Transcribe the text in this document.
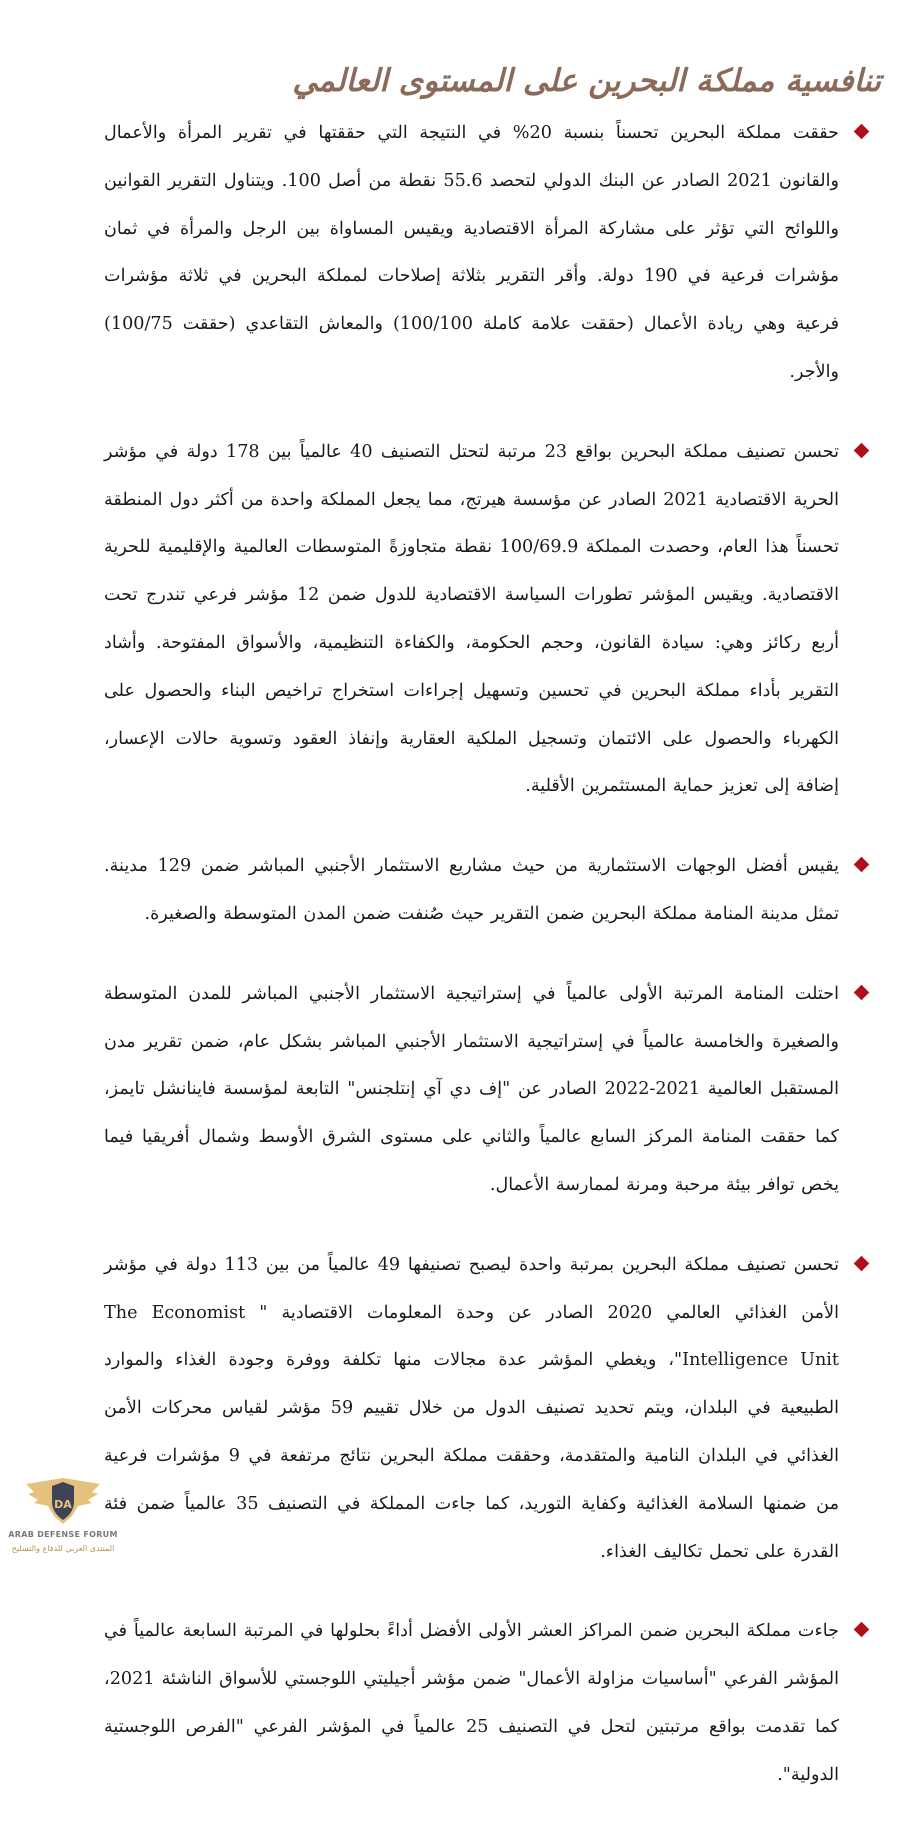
تنافسية مملكة البحرين على المستوى العالمي
حققت مملكة البحرين تحسناً بنسبة 20% في النتيجة التي حققتها في تقرير المرأة والأعمال والقانون 2021 الصادر عن البنك الدولي لتحصد 55.6 نقطة من أصل 100. ويتناول التقرير القوانين واللوائح التي تؤثر على مشاركة المرأة الاقتصادية ويقيس المساواة بين الرجل والمرأة في ثمان مؤشرات فرعية في 190 دولة. وأقر التقرير بثلاثة إصلاحات لمملكة البحرين في ثلاثة مؤشرات فرعية وهي ريادة الأعمال (حققت علامة كاملة 100/100) والمعاش التقاعدي (حققت 100/75) والأجر.
تحسن تصنيف مملكة البحرين بواقع 23 مرتبة لتحتل التصنيف 40 عالمياً بين 178 دولة في مؤشر الحرية الاقتصادية 2021 الصادر عن مؤسسة هيرتج، مما يجعل المملكة واحدة من أكثر دول المنطقة تحسناً هذا العام، وحصدت المملكة 100/69.9 نقطة متجاوزةً المتوسطات العالمية والإقليمية للحرية الاقتصادية. ويقيس المؤشر تطورات السياسة الاقتصادية للدول ضمن 12 مؤشر فرعي تندرج تحت أربع ركائز وهي: سيادة القانون، وحجم الحكومة، والكفاءة التنظيمية، والأسواق المفتوحة. وأشاد التقرير بأداء مملكة البحرين في تحسين وتسهيل إجراءات استخراج تراخيص البناء والحصول على الكهرباء والحصول على الائتمان وتسجيل الملكية العقارية وإنفاذ العقود وتسوية حالات الإعسار، إضافة إلى تعزيز حماية المستثمرين الأقلية.
يقيس أفضل الوجهات الاستثمارية من حيث مشاريع الاستثمار الأجنبي المباشر ضمن 129 مدينة. تمثل مدينة المنامة مملكة البحرين ضمن التقرير حيث صُنفت ضمن المدن المتوسطة والصغيرة.
احتلت المنامة المرتبة الأولى عالمياً في إستراتيجية الاستثمار الأجنبي المباشر للمدن المتوسطة والصغيرة والخامسة عالمياً في إستراتيجية الاستثمار الأجنبي المباشر بشكل عام، ضمن تقرير مدن المستقبل العالمية 2021-2022 الصادر عن "إف دي آي إنتلجنس" التابعة لمؤسسة فاينانشل تايمز، كما حققت المنامة المركز السابع عالمياً والثاني على مستوى الشرق الأوسط وشمال أفريقيا فيما يخص توافر بيئة مرحبة ومرنة لممارسة الأعمال.
تحسن تصنيف مملكة البحرين بمرتبة واحدة ليصبح تصنيفها 49 عالمياً من بين 113 دولة في مؤشر الأمن الغذائي العالمي 2020 الصادر عن وحدة المعلومات الاقتصادية " The Economist Intelligence Unit"، ويغطي المؤشر عدة مجالات منها تكلفة ووفرة وجودة الغذاء والموارد الطبيعية في البلدان، ويتم تحديد تصنيف الدول من خلال تقييم 59 مؤشر لقياس محركات الأمن الغذائي في البلدان النامية والمتقدمة، وحققت مملكة البحرين نتائج مرتفعة في 9 مؤشرات فرعية من ضمنها السلامة الغذائية وكفاية التوريد، كما جاءت المملكة في التصنيف 35 عالمياً ضمن فئة القدرة على تحمل تكاليف الغذاء.
جاءت مملكة البحرين ضمن المراكز العشر الأولى الأفضل أداءً بحلولها في المرتبة السابعة عالمياً في المؤشر الفرعي "أساسيات مزاولة الأعمال" ضمن مؤشر أجيليتي اللوجستي للأسواق الناشئة 2021، كما تقدمت بواقع مرتبتين لتحل في التصنيف 25 عالمياً في المؤشر الفرعي "الفرص اللوجستية الدولية".
DA
ARAB DEFENSE FORUM
المنتدى العربي للدفاع والتسليح
